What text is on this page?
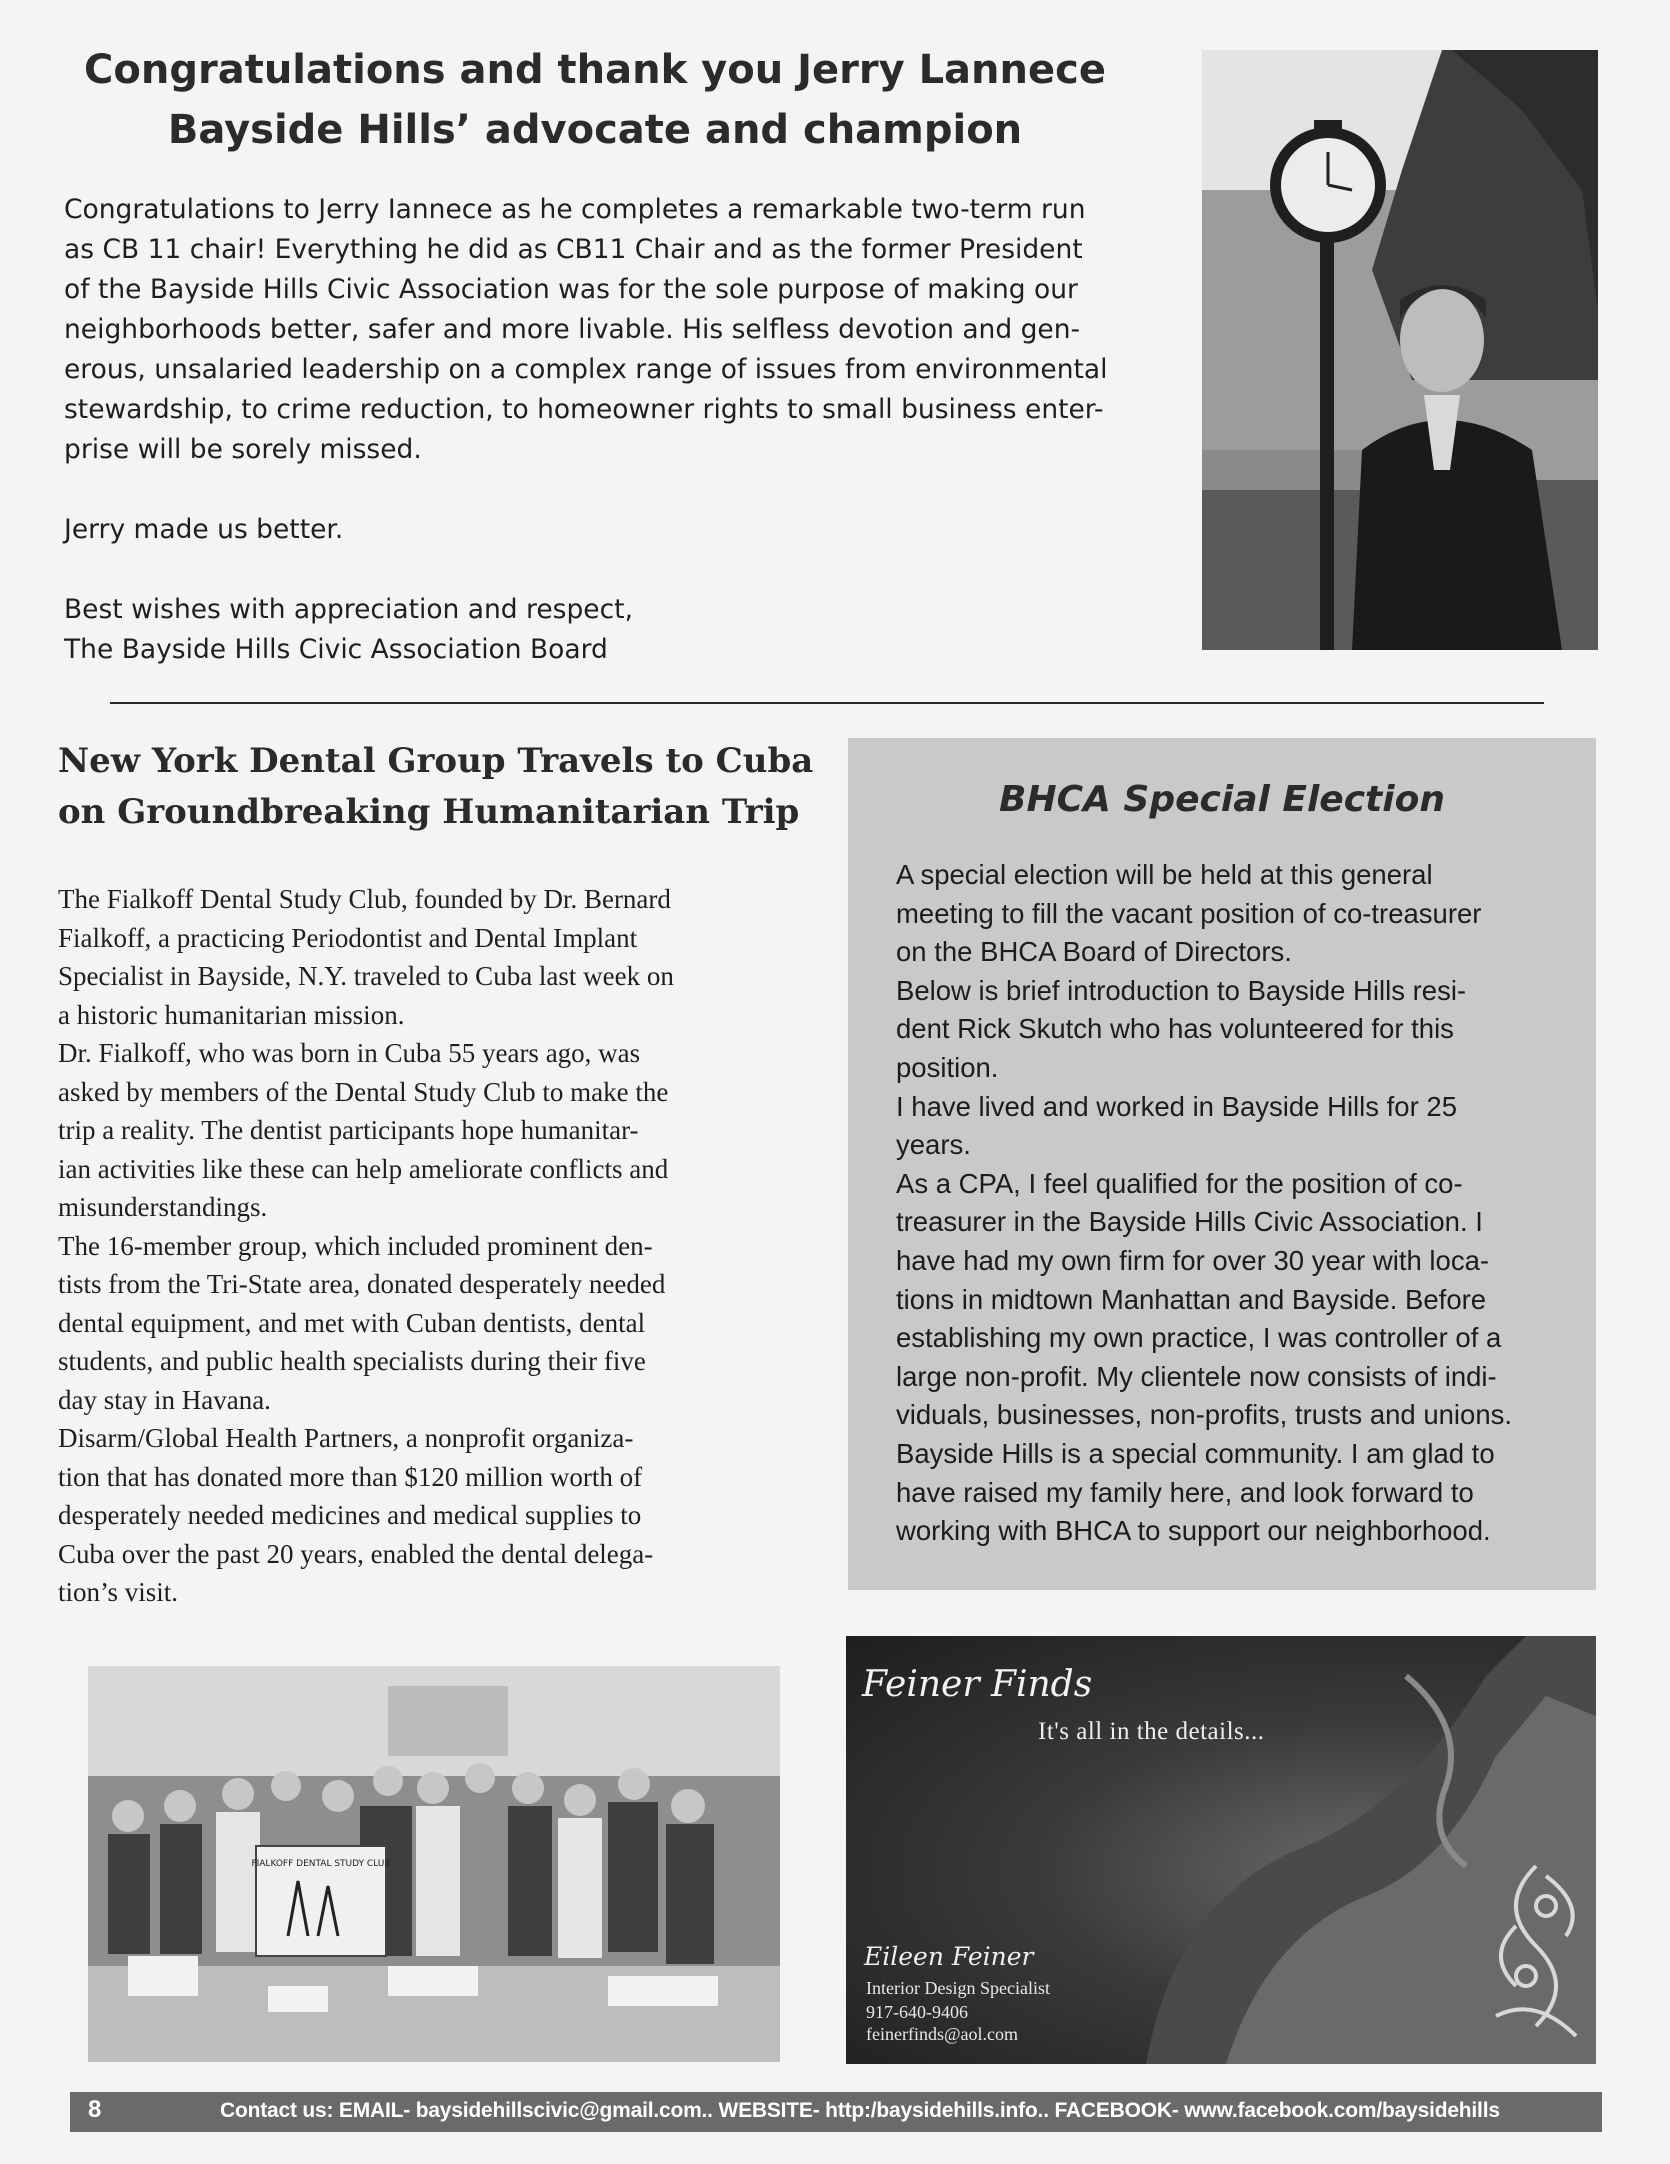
Congratulations and thank you Jerry Lannece
Bayside Hills’ advocate and champion

Congratulations to Jerry Iannece as he completes a remarkable two-term run

as CB 11 chair! Everything he did as CB11 Chair and as the former President

of the Bayside Hills Civic Association was for the sole purpose of making our

neighborhoods better, safer and more livable. His selfless devotion and gen-

erous, unsalaried leadership on a complex range of issues from environmental

stewardship, to crime reduction, to homeowner rights to small business enter-

prise will be sorely missed.

Jerry made us better.

Best wishes with appreciation and respect,

The Bayside Hills Civic Association Board

New York Dental Group Travels to Cuba
on Groundbreaking Humanitarian Trip

The Fialkoff Dental Study Club, founded by Dr. Bernard

Fialkoff, a practicing Periodontist and Dental Implant

Specialist in Bayside, N.Y. traveled to Cuba last week on

a historic humanitarian mission.

Dr. Fialkoff, who was born in Cuba 55 years ago, was

asked by members of the Dental Study Club to make the

trip a reality. The dentist participants hope humanitar-

ian activities like these can help ameliorate conflicts and

misunderstandings.

The 16-member group, which included prominent den-

tists from the Tri-State area, donated desperately needed

dental equipment, and met with Cuban dentists, dental

students, and public health specialists during their five

day stay in Havana.

Disarm/Global Health Partners, a nonprofit organiza-

tion that has donated more than $120 million worth of

desperately needed medicines and medical supplies to

Cuba over the past 20 years, enabled the dental delega-

tion’s visit.

FIALKOFF DENTAL STUDY CLUB
BHCA Special Election

A special election will be held at this general

meeting to fill the vacant position of co-treasurer

on the BHCA Board of Directors.

Below is brief introduction to Bayside Hills resi-

dent Rick Skutch who has volunteered for this

position.

I have lived and worked in Bayside Hills for 25

years.

As a CPA, I feel qualified for the position of co-

treasurer in the Bayside Hills Civic Association. I

have had my own firm for over 30 year with loca-

tions in midtown Manhattan and Bayside. Before

establishing my own practice, I was controller of a

large non-profit. My clientele now consists of indi-

viduals, businesses, non-profits, trusts and unions.

Bayside Hills is a special community. I am glad to

have raised my family here, and look forward to

working with BHCA to support our neighborhood.

Feiner Finds
It's all in the details...
Eileen Feiner
Interior Design Specialist
917-640-9406
feinerfinds@aol.com
8	Contact us: EMAIL- baysidehillscivic@gmail.com.. WEBSITE- http:/baysidehills.info.. FACEBOOK- www.facebook.com/baysidehills
